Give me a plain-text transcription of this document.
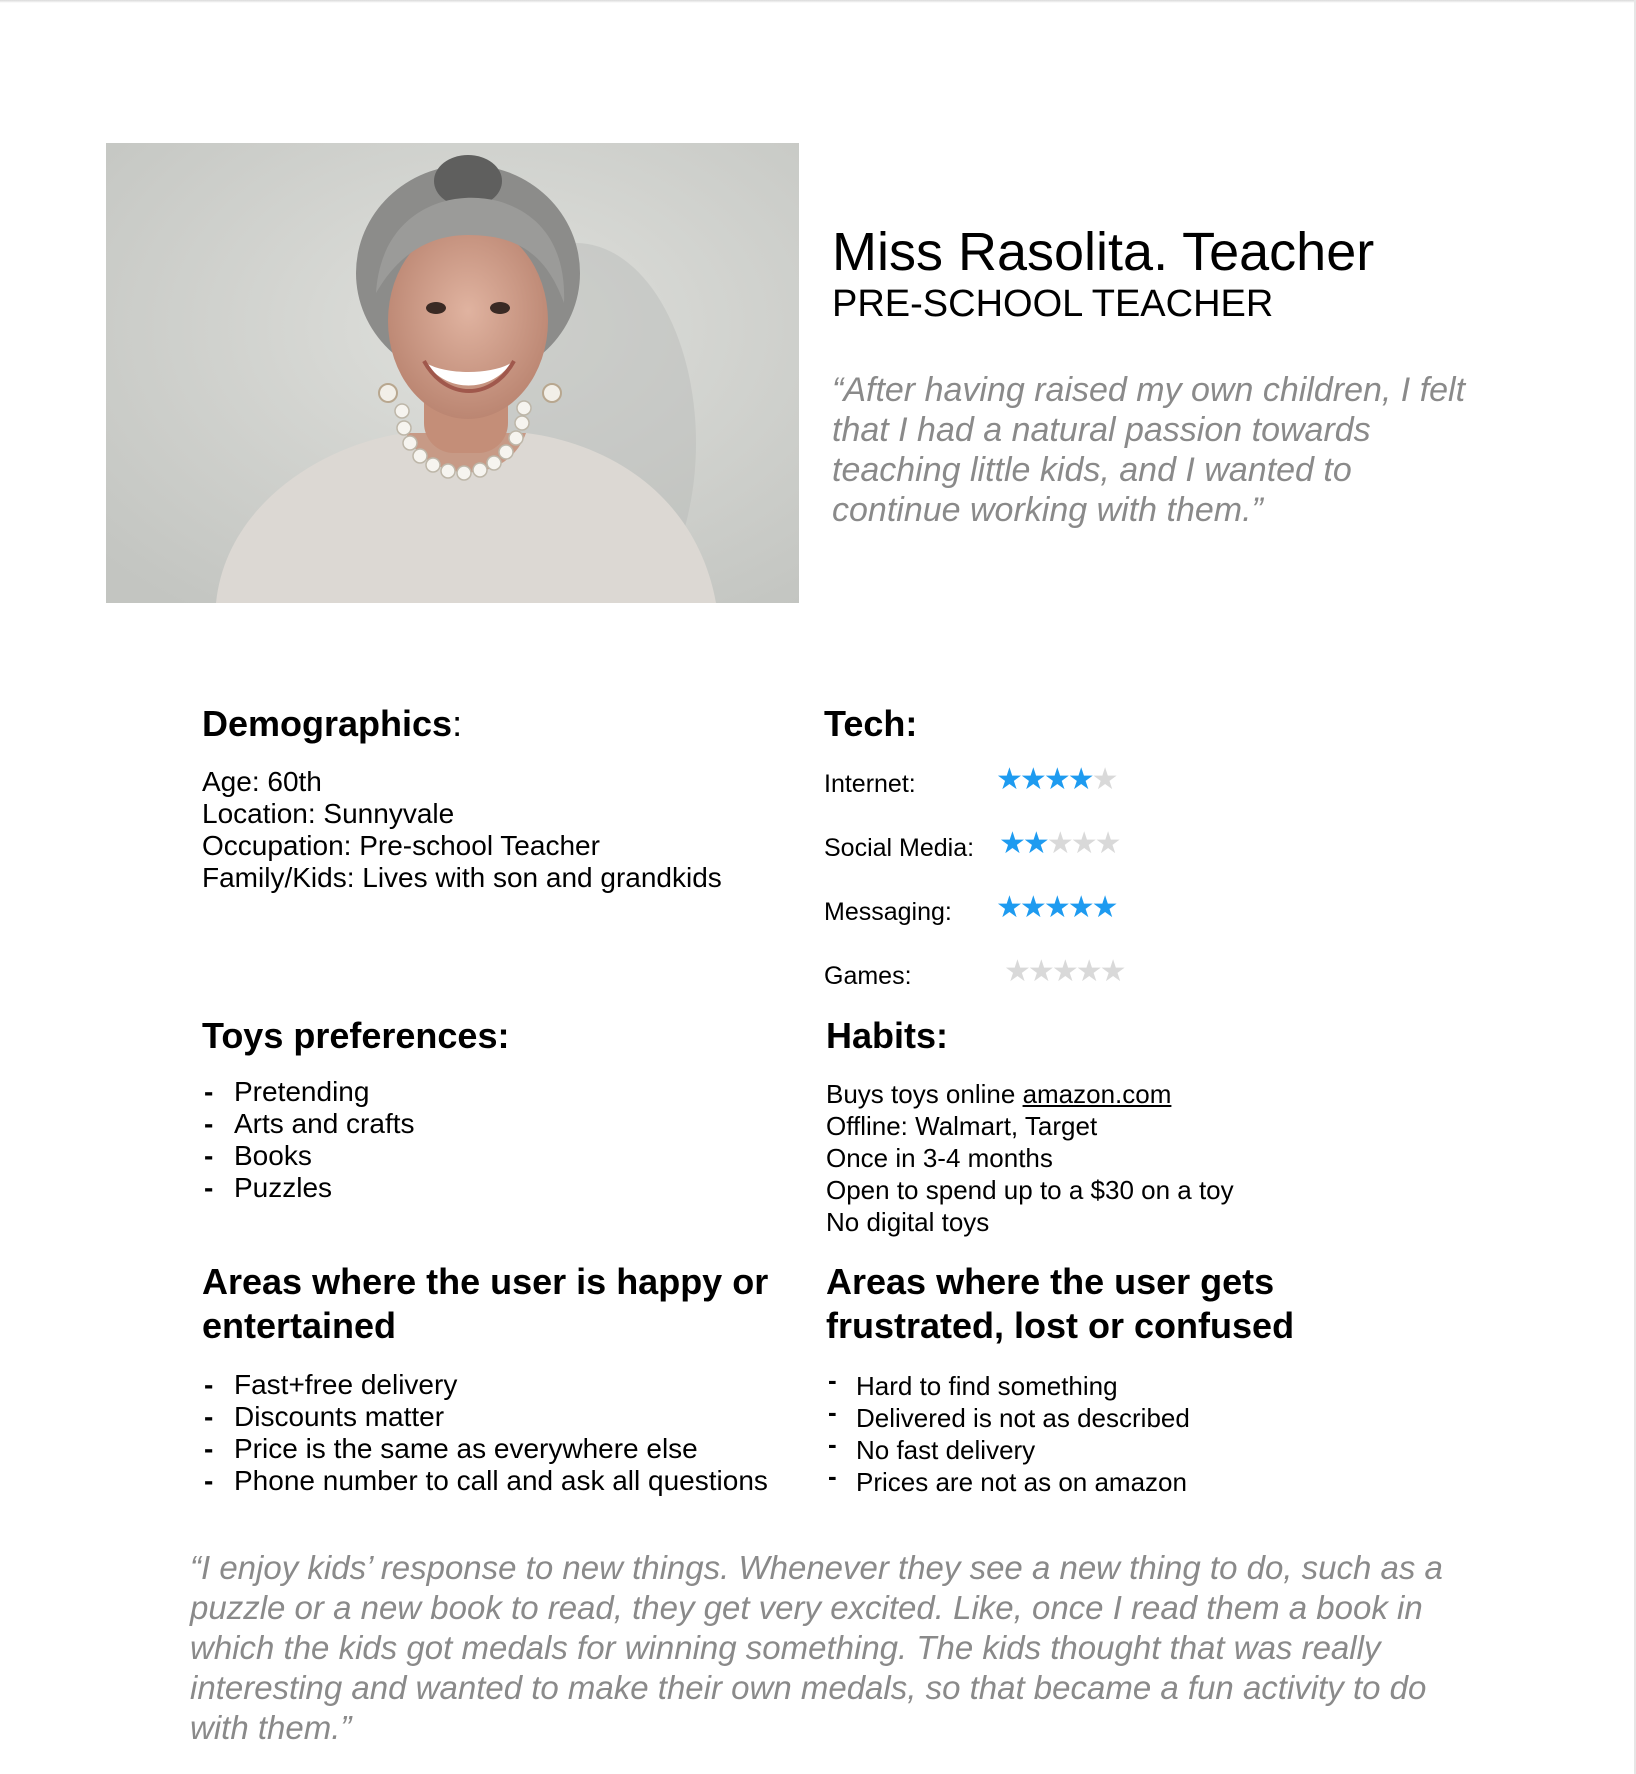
Miss Rasolita. Teacher
PRE-SCHOOL TEACHER
“After having raised my own children, I felt that I had a natural passion towards teaching little kids, and I wanted to continue working with them.”
Demographics:
Age: 60th
Location: Sunnyvale
Occupation: Pre-school Teacher
Family/Kids: Lives with son and grandkids
Tech:
Internet:	★★★★★
Social Media: ★★★★★
Messaging: ★★★★★
Games:	★★★★★
Toys preferences:
- Pretending
- Arts and crafts
- Books
- Puzzles
Habits:
Buys toys online amazon.com
Offline: Walmart, Target
Once in 3-4 months
Open to spend up to a $30 on a toy
No digital toys
Areas where the user is happy or
entertained
- Fast+free delivery
- Discounts matter
- Price is the same as everywhere else
- Phone number to call and ask all questions
Areas where the user gets
frustrated, lost or confused
- Hard to find something
- Delivered is not as described
- No fast delivery
- Prices are not as on amazon
“I enjoy kids’ response to new things. Whenever they see a new thing to do, such as a puzzle or a new book to read, they get very excited. Like, once I read them a book in which the kids got medals for winning something. The kids thought that was really interesting and wanted to make their own medals, so that became a fun activity to do with them.”
